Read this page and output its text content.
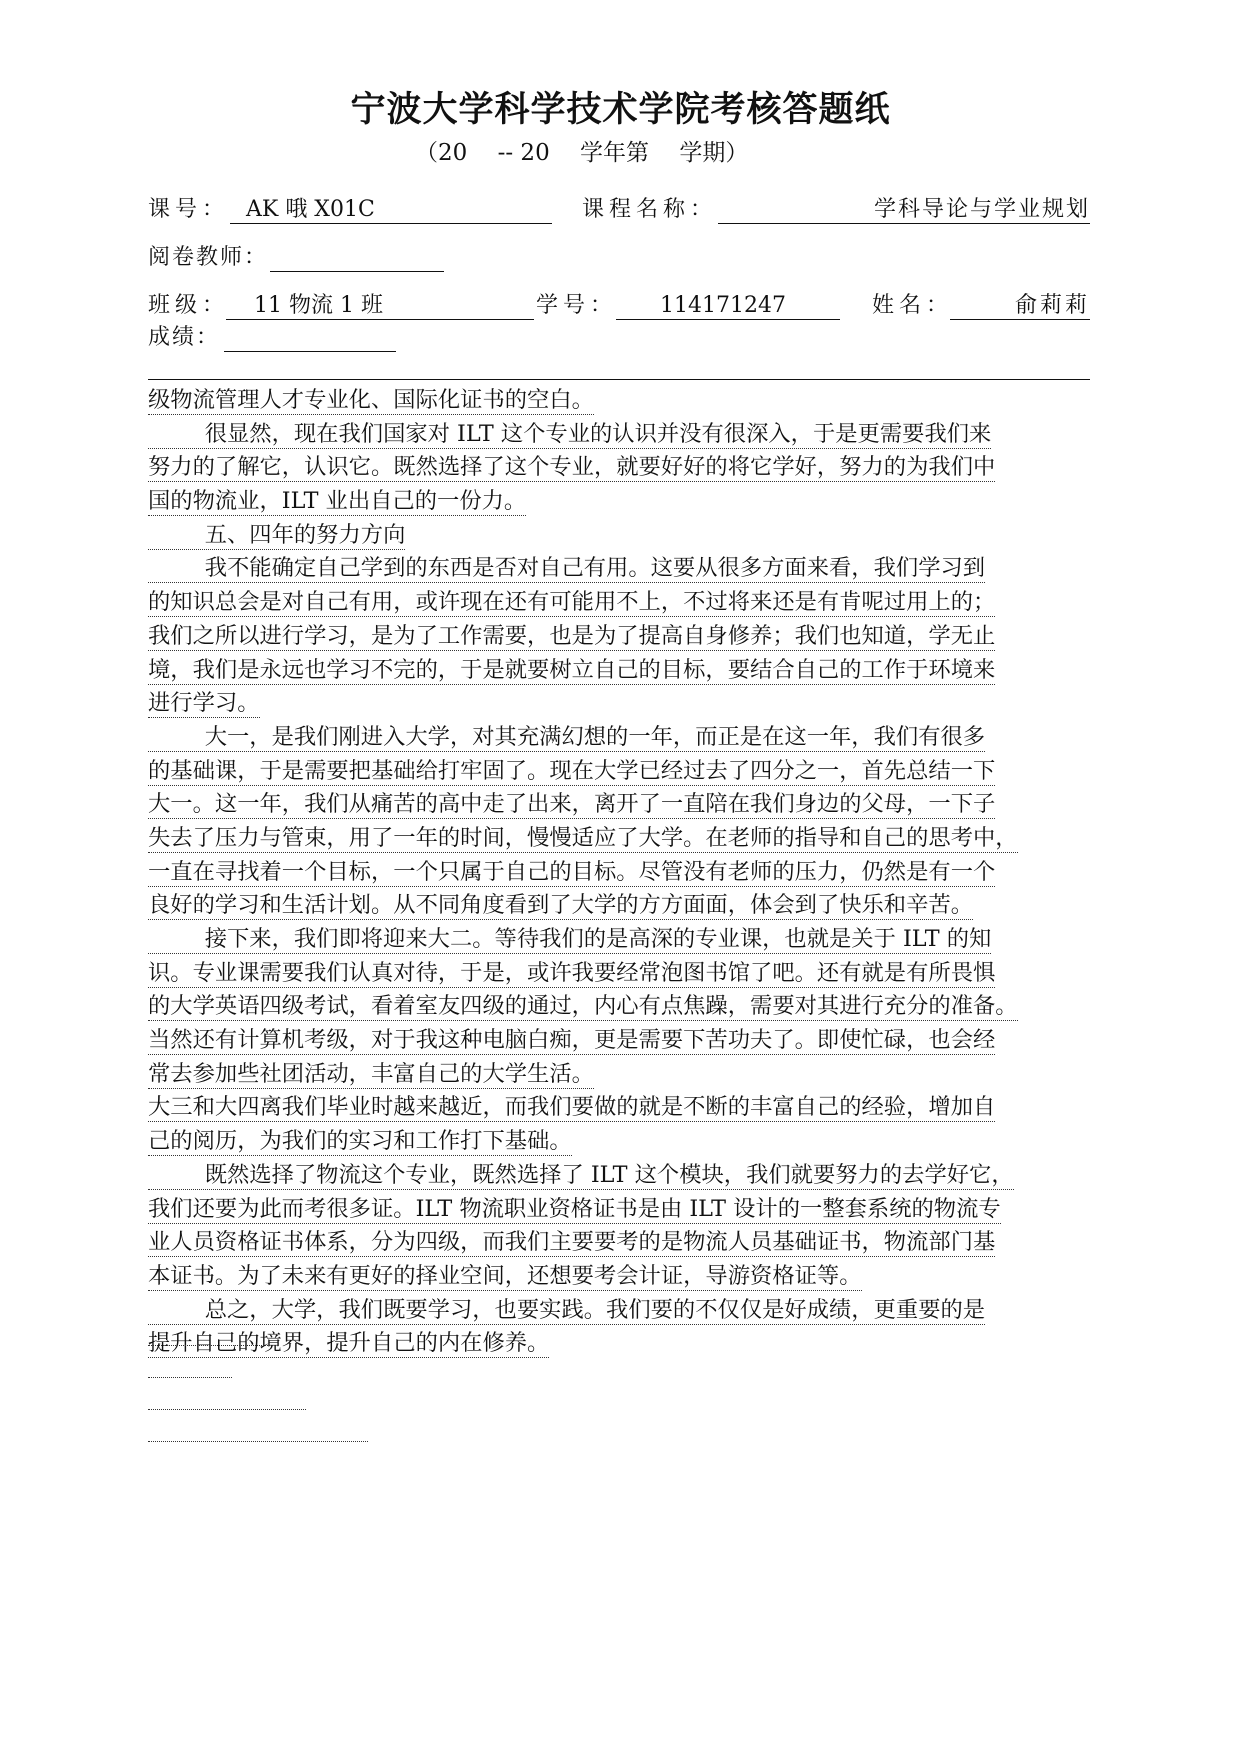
宁波大学科学技术学院考核答题纸
（20　 -- 20　 学年第　 学期）
课号： AK 哦 X01C	课程名称：	学科导论与学业规划
阅卷教师：
班级： 11 物流 1 班	学号： 114171247	姓名：	俞莉莉
成绩：
级物流管理人才专业化、国际化证书的空白。
很显然，现在我们国家对 ILT 这个专业的认识并没有很深入，于是更需要我们来
努力的了解它，认识它。既然选择了这个专业，就要好好的将它学好，努力的为我们中
国的物流业，ILT 业出自己的一份力。
五、四年的努力方向
我不能确定自己学到的东西是否对自己有用。这要从很多方面来看，我们学习到
的知识总会是对自己有用，或许现在还有可能用不上，不过将来还是有肯呢过用上的；
我们之所以进行学习，是为了工作需要，也是为了提高自身修养；我们也知道，学无止
境，我们是永远也学习不完的，于是就要树立自己的目标，要结合自己的工作于环境来
进行学习。
大一，是我们刚进入大学，对其充满幻想的一年，而正是在这一年，我们有很多
的基础课，于是需要把基础给打牢固了。现在大学已经过去了四分之一，首先总结一下
大一。这一年，我们从痛苦的高中走了出来，离开了一直陪在我们身边的父母，一下子
失去了压力与管束，用了一年的时间，慢慢适应了大学。在老师的指导和自己的思考中，
一直在寻找着一个目标，一个只属于自己的目标。尽管没有老师的压力，仍然是有一个
良好的学习和生活计划。从不同角度看到了大学的方方面面，体会到了快乐和辛苦。
接下来，我们即将迎来大二。等待我们的是高深的专业课，也就是关于 ILT 的知
识。专业课需要我们认真对待，于是，或许我要经常泡图书馆了吧。还有就是有所畏惧
的大学英语四级考试，看着室友四级的通过，内心有点焦躁，需要对其进行充分的准备。
当然还有计算机考级，对于我这种电脑白痴，更是需要下苦功夫了。即使忙碌，也会经
常去参加些社团活动，丰富自己的大学生活。
大三和大四离我们毕业时越来越近，而我们要做的就是不断的丰富自己的经验，增加自
己的阅历，为我们的实习和工作打下基础。
既然选择了物流这个专业，既然选择了 ILT 这个模块，我们就要努力的去学好它，
我们还要为此而考很多证。ILT 物流职业资格证书是由 ILT 设计的一整套系统的物流专
业人员资格证书体系，分为四级，而我们主要要考的是物流人员基础证书，物流部门基
本证书。为了未来有更好的择业空间，还想要考会计证，导游资格证等。
总之，大学，我们既要学习，也要实践。我们要的不仅仅是好成绩，更重要的是
提升自己的境界，提升自己的内在修养。
